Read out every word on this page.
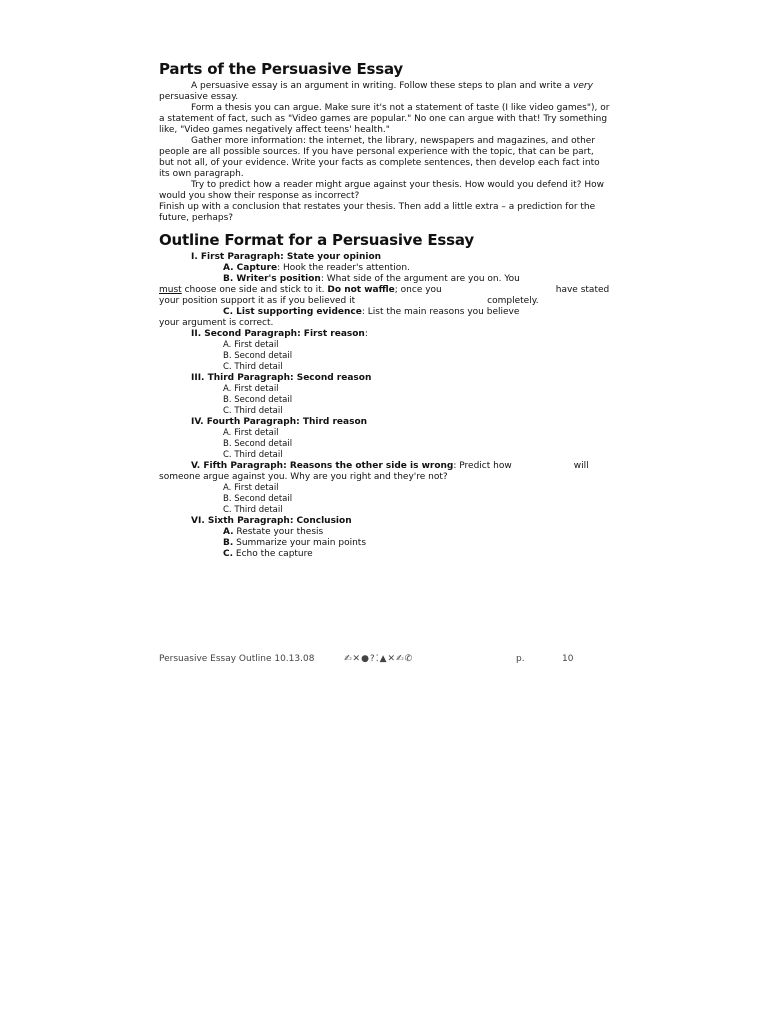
Parts of the Persuasive Essay

A persuasive essay is an argument in writing. Follow these steps to plan and write a very persuasive essay.

Form a thesis you can argue. Make sure it's not a statement of taste (I like video games"), or a statement of fact, such as "Video games are popular." No one can argue with that! Try something like, "Video games negatively affect teens' health."

Gather more information: the internet, the library, newspapers and magazines, and other people are all possible sources. If you have personal experience with the topic, that can be part, but not all, of your evidence. Write your facts as complete sentences, then develop each fact into its own paragraph.

Try to predict how a reader might argue against your thesis. How would you defend it? How would you show their response as incorrect?

Finish up with a conclusion that restates your thesis. Then add a little extra – a prediction for the future, perhaps?

Outline Format for a Persuasive Essay

I. First Paragraph: State your opinion

A. Capture: Hook the reader's attention.

B. Writer's position: What side of the argument are you on. You
must choose one side and stick to it. Do not waffle; once you	have stated
your position support it as if you believed it	completely.

C. List supporting evidence: List the main reasons you believe
your argument is correct.

II. Second Paragraph: First reason:

A. First detail

B. Second detail

C. Third detail

III. Third Paragraph: Second reason

A. First detail

B. Second detail

C. Third detail

IV. Fourth Paragraph: Third reason

A. First detail

B. Second detail

C. Third detail

V. Fifth Paragraph: Reasons the other side is wrong: Predict how	will
someone argue against you. Why are you right and they're not?

A. First detail

B. Second detail

C. Third detail

VI. Sixth Paragraph: Conclusion

A. Restate your thesis

B. Summarize your main points

C. Echo the capture

Persuasive Essay Outline 10.13.08	✍✕●?⁚▲✕✍✆	p.	10
